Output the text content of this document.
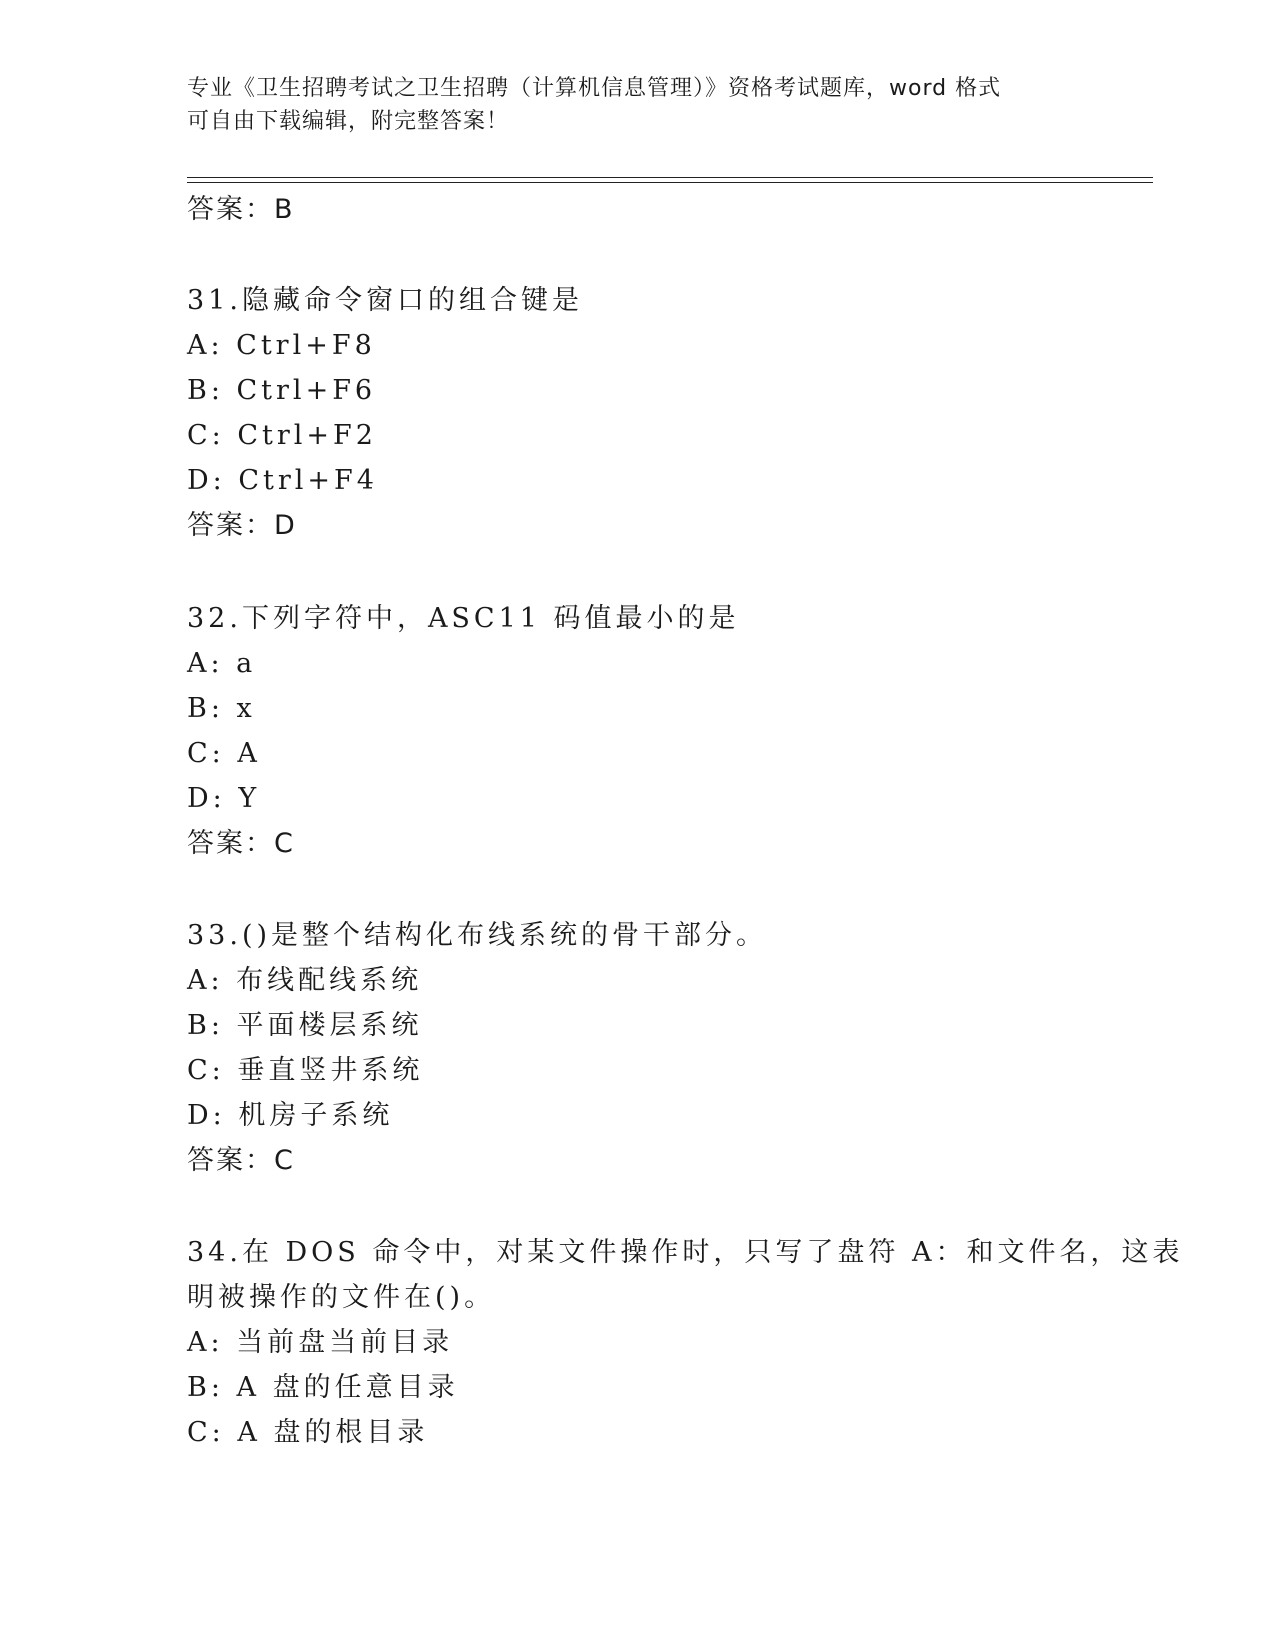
专业《卫生招聘考试之卫生招聘（计算机信息管理）》资格考试题库，word 格式
可自由下载编辑，附完整答案！
答案：B
31.隐藏命令窗口的组合键是
A: Ctrl+F8
B: Ctrl+F6
C: Ctrl+F2
D: Ctrl+F4
答案：D
32.下列字符中，ASC11 码值最小的是
A: a
B: x
C: A
D: Y
答案：C
33.()是整个结构化布线系统的骨干部分。
A: 布线配线系统
B: 平面楼层系统
C: 垂直竖井系统
D: 机房子系统
答案：C
34.在 DOS 命令中，对某文件操作时，只写了盘符 A：和文件名，这表
明被操作的文件在()。
A: 当前盘当前目录
B: A 盘的任意目录
C: A 盘的根目录
